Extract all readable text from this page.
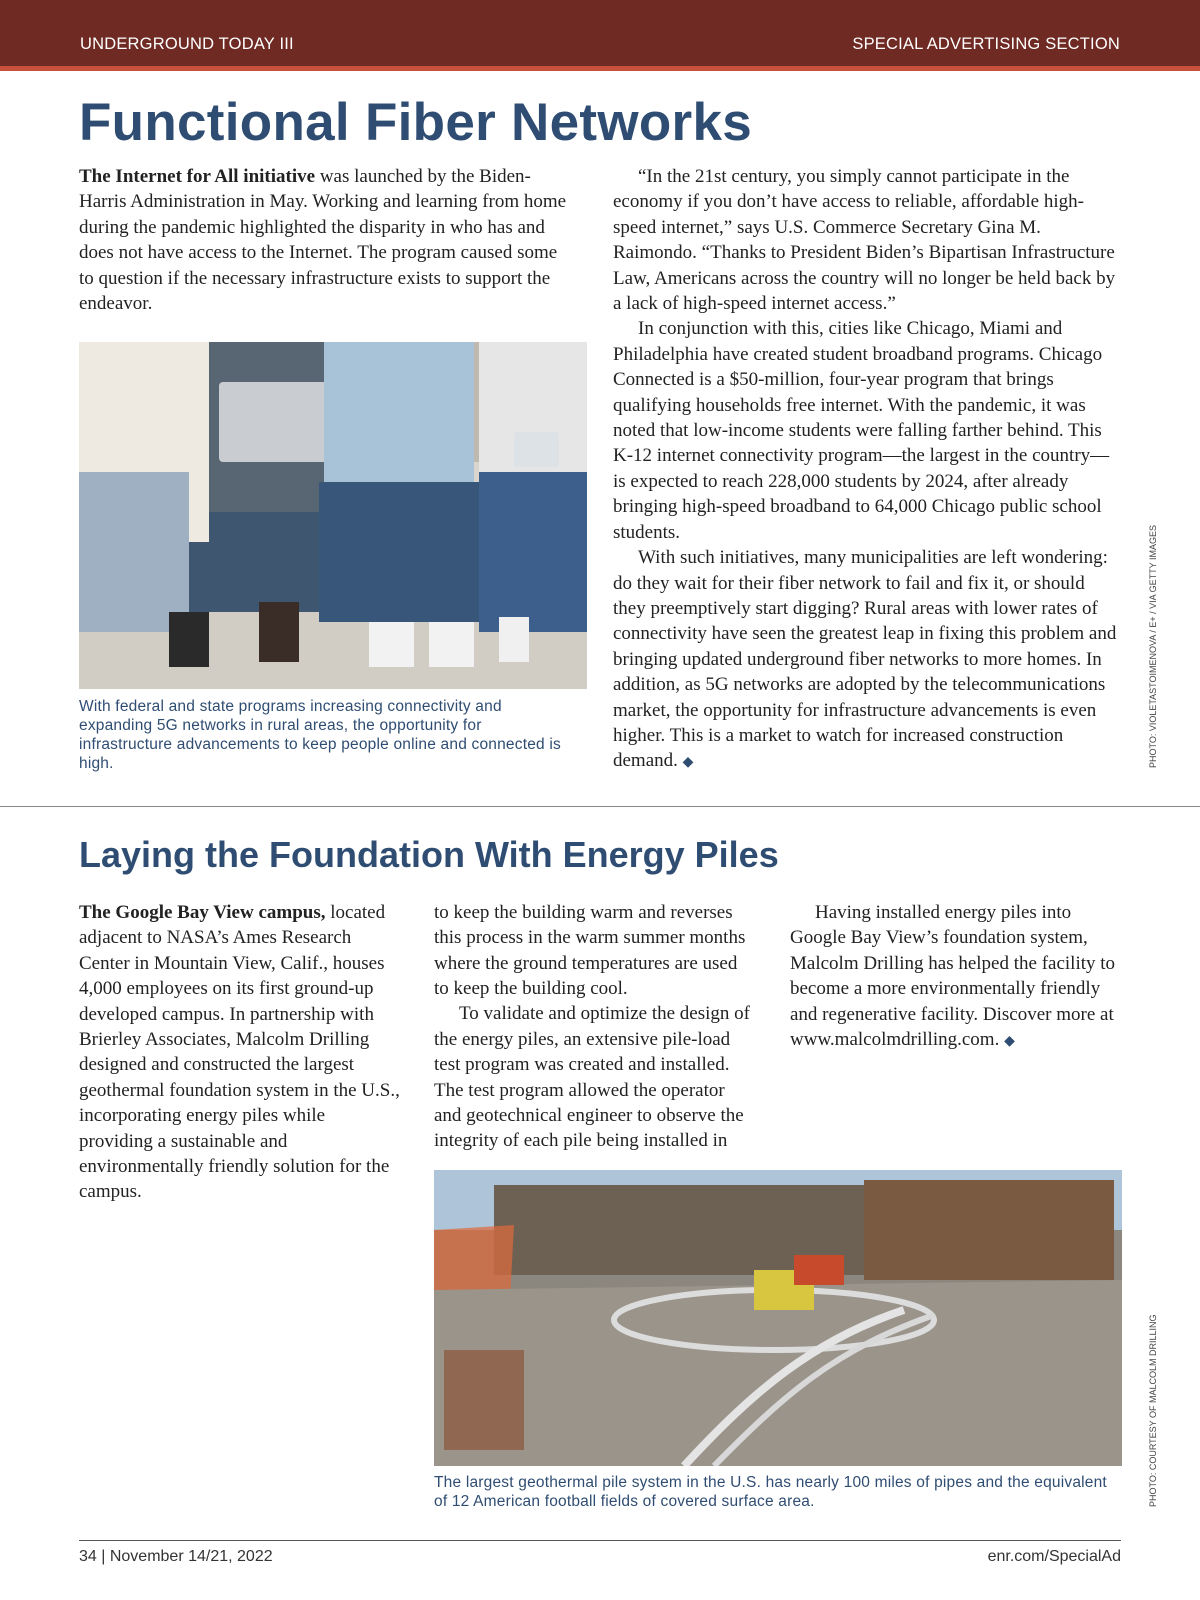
UNDERGROUND TODAY III	SPECIAL ADVERTISING SECTION
Functional Fiber Networks

The Internet for All initiative was launched by the Biden-Harris Administration in May. Working and learning from home during the pandemic highlighted the disparity in who has and does not have access to the Internet. The program caused some to question if the necessary infrastructure exists to support the endeavor.

With federal and state programs increasing connectivity and expanding 5G networks in rural areas, the opportunity for infrastructure advancements to keep people online and connected is high.

“In the 21st century, you simply cannot participate in the economy if you don’t have access to reliable, affordable high-speed internet,” says U.S. Commerce Secretary Gina M. Raimondo. “Thanks to President Biden’s Bipartisan Infrastructure Law, Americans across the country will no longer be held back by a lack of high-speed internet access.”

In conjunction with this, cities like Chicago, Miami and Philadelphia have created student broadband programs. Chicago Connected is a $50-million, four-year program that brings qualifying households free internet. With the pandemic, it was noted that low-income students were falling farther behind. This K-12 internet connectivity program—the largest in the country—is expected to reach 228,000 students by 2024, after already bringing high-speed broadband to 64,000 Chicago public school students.

With such initiatives, many municipalities are left wondering: do they wait for their fiber network to fail and fix it, or should they preemptively start digging? Rural areas with lower rates of connectivity have seen the greatest leap in fixing this problem and bringing updated underground fiber networks to more homes. In addition, as 5G networks are adopted by the telecommunications market, the opportunity for infrastructure advancements is even higher. This is a market to watch for increased construction demand. ◆	PHOTO: VIOLETASTOIMENOVA / E+ / VIA GETTY IMAGES
Laying the Foundation With Energy Piles

The Google Bay View campus, located adjacent to NASA’s Ames Research Center in Mountain View, Calif., houses 4,000 employees on its first ground-up developed campus. In partnership with Brierley Associates, Malcolm Drilling designed and constructed the largest geothermal foundation system in the U.S., incorporating energy piles while providing a sustainable and environmentally friendly solution for the campus.

to keep the building warm and reverses this process in the warm summer months where the ground temperatures are used to keep the building cool.

To validate and optimize the design of the energy piles, an extensive pile-load test program was created and installed. The test program allowed the operator and geotechnical engineer to observe the integrity of each pile being installed in

Having installed energy piles into Google Bay View’s foundation system, Malcolm Drilling has helped the facility to become a more environmentally friendly and regenerative facility. Discover more at www.malcolmdrilling.com. ◆

The largest geothermal pile system in the U.S. has nearly 100 miles of pipes and the equivalent of 12 American football fields of covered surface area.	PHOTO: COURTESY OF MALCOLM DRILLING
34 | November 14/21, 2022	enr.com/SpecialAd
